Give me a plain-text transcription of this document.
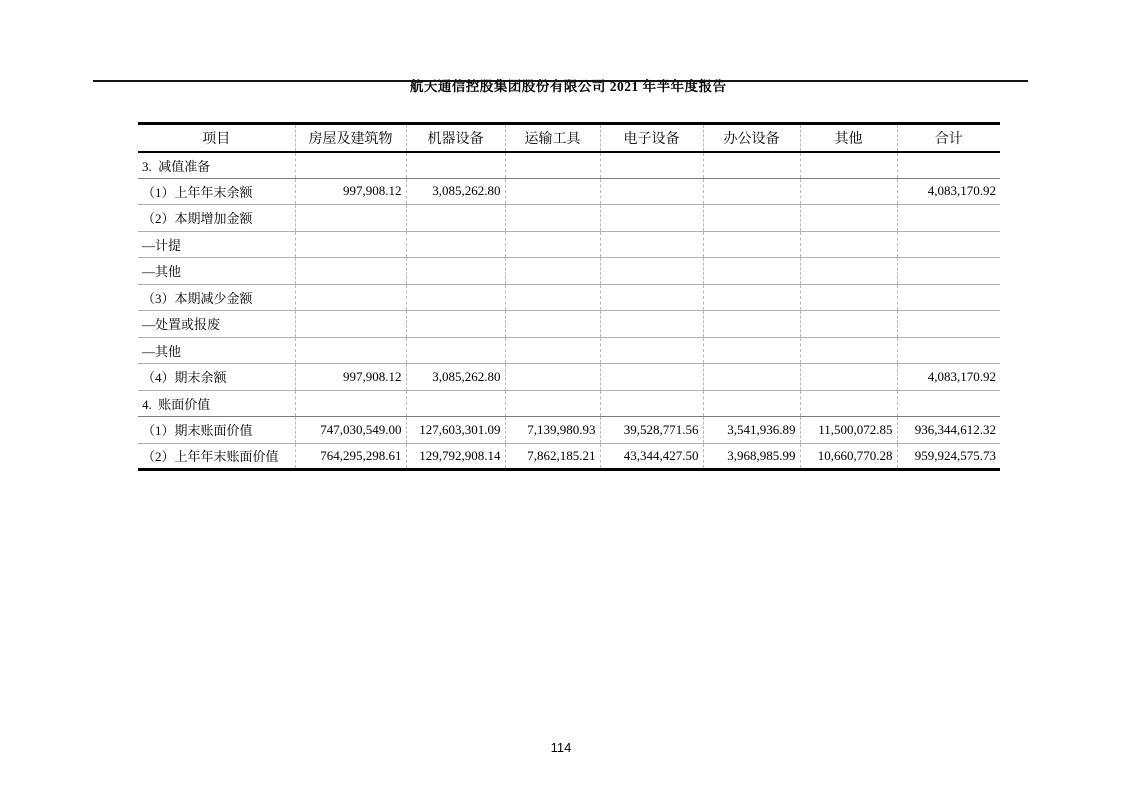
航天通信控股集团股份有限公司 2021 年半年度报告

项目	房屋及建筑物	机器设备	运输工具	电子设备	办公设备	其他	合计
3.  减值准备							
（1）上年年末余额	997,908.12	3,085,262.80					4,083,170.92
（2）本期增加金额							
—计提							
—其他							
（3）本期减少金额							
—处置或报废							
—其他							
（4）期末余额	997,908.12	3,085,262.80					4,083,170.92
4.  账面价值							
（1）期末账面价值	747,030,549.00	127,603,301.09	7,139,980.93	39,528,771.56	3,541,936.89	11,500,072.85	936,344,612.32
（2）上年年末账面价值	764,295,298.61	129,792,908.14	7,862,185.21	43,344,427.50	3,968,985.99	10,660,770.28	959,924,575.73
114
